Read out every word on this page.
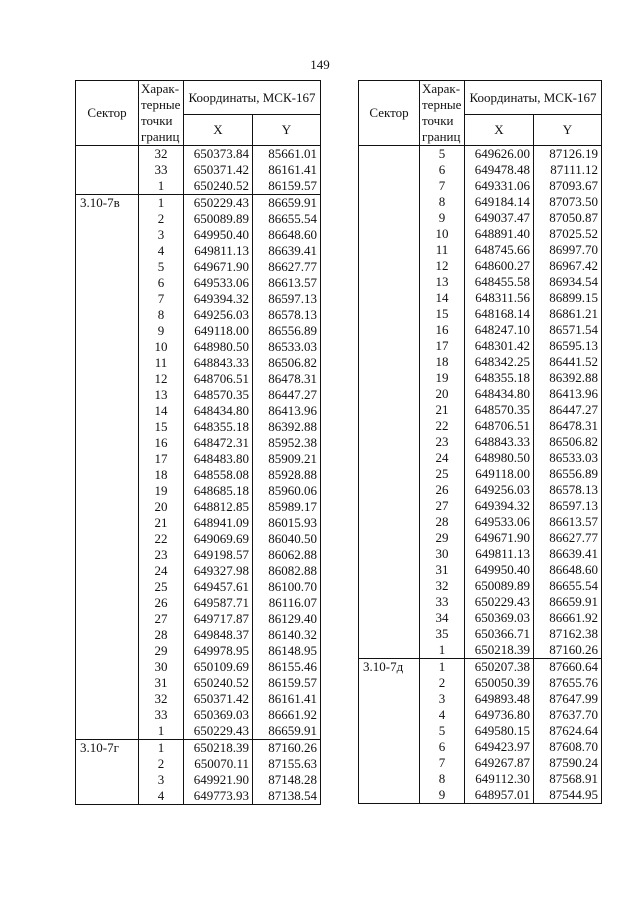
149
Сектор	Харак-терные точки границ	Координаты, МСК-167	
		X	Y
	32	650373.84	85661.01
	33	650371.42	86161.41
	1	650240.52	86159.57
3.10-7в	1	650229.43	86659.91
	2	650089.89	86655.54
	3	649950.40	86648.60
	4	649811.13	86639.41
	5	649671.90	86627.77
	6	649533.06	86613.57
	7	649394.32	86597.13
	8	649256.03	86578.13
	9	649118.00	86556.89
	10	648980.50	86533.03
	11	648843.33	86506.82
	12	648706.51	86478.31
	13	648570.35	86447.27
	14	648434.80	86413.96
	15	648355.18	86392.88
	16	648472.31	85952.38
	17	648483.80	85909.21
	18	648558.08	85928.88
	19	648685.18	85960.06
	20	648812.85	85989.17
	21	648941.09	86015.93
	22	649069.69	86040.50
	23	649198.57	86062.88
	24	649327.98	86082.88
	25	649457.61	86100.70
	26	649587.71	86116.07
	27	649717.87	86129.40
	28	649848.37	86140.32
	29	649978.95	86148.95
	30	650109.69	86155.46
	31	650240.52	86159.57
	32	650371.42	86161.41
	33	650369.03	86661.92
	1	650229.43	86659.91
3.10-7г	1	650218.39	87160.26
	2	650070.11	87155.63
	3	649921.90	87148.28
	4	649773.93	87138.54
Сектор	Харак-терные точки границ	Координаты, МСК-167	
		X	Y
	5	649626.00	87126.19
	6	649478.48	87111.12
	7	649331.06	87093.67
	8	649184.14	87073.50
	9	649037.47	87050.87
	10	648891.40	87025.52
	11	648745.66	86997.70
	12	648600.27	86967.42
	13	648455.58	86934.54
	14	648311.56	86899.15
	15	648168.14	86861.21
	16	648247.10	86571.54
	17	648301.42	86595.13
	18	648342.25	86441.52
	19	648355.18	86392.88
	20	648434.80	86413.96
	21	648570.35	86447.27
	22	648706.51	86478.31
	23	648843.33	86506.82
	24	648980.50	86533.03
	25	649118.00	86556.89
	26	649256.03	86578.13
	27	649394.32	86597.13
	28	649533.06	86613.57
	29	649671.90	86627.77
	30	649811.13	86639.41
	31	649950.40	86648.60
	32	650089.89	86655.54
	33	650229.43	86659.91
	34	650369.03	86661.92
	35	650366.71	87162.38
	1	650218.39	87160.26
3.10-7д	1	650207.38	87660.64
	2	650050.39	87655.76
	3	649893.48	87647.99
	4	649736.80	87637.70
	5	649580.15	87624.64
	6	649423.97	87608.70
	7	649267.87	87590.24
	8	649112.30	87568.91
	9	648957.01	87544.95
